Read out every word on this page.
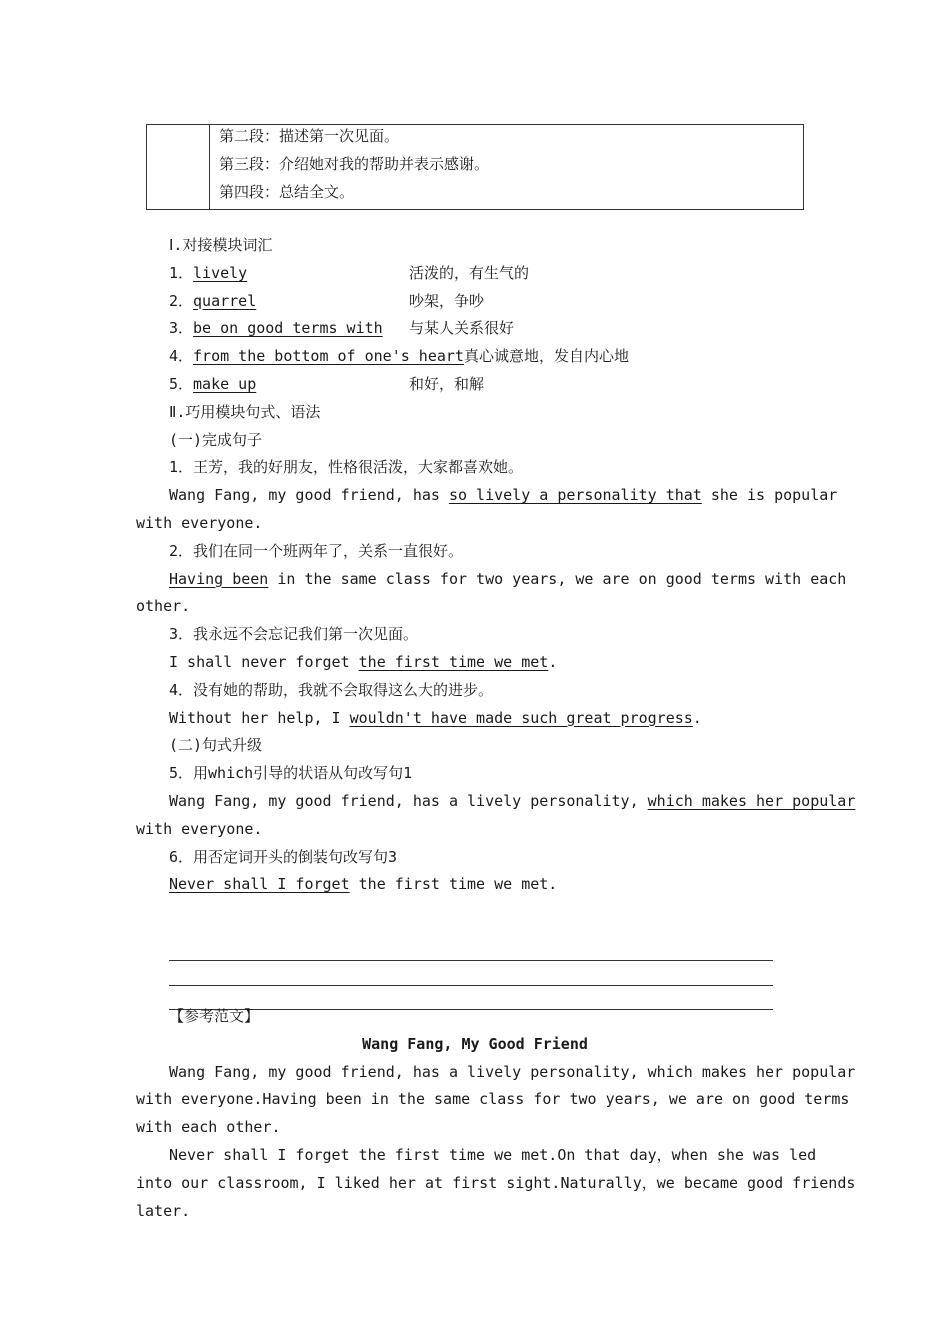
第二段：描述第一次见面。
第三段：介绍她对我的帮助并表示感谢。
第四段：总结全文。
Ⅰ.对接模块词汇
1．lively	活泼的，有生气的
2．quarrel	吵架，争吵
3．be on good terms with 与某人关系很好
4．from the bottom of one's heart真心诚意地，发自内心地
5．make up	和好，和解
Ⅱ.巧用模块句式、语法
(一)完成句子
1．王芳，我的好朋友，性格很活泼，大家都喜欢她。
Wang Fang, my good friend, has so lively a personality that she is popular
with everyone.
2．我们在同一个班两年了，关系一直很好。
Having been in the same class for two years, we are on good terms with each
other.
3．我永远不会忘记我们第一次见面。
I shall never forget the first time we met.
4．没有她的帮助，我就不会取得这么大的进步。
Without her help, I wouldn't have made such great progress.
(二)句式升级
5．用which引导的状语从句改写句1
Wang Fang, my good friend, has a lively personality, which makes her popular
with everyone.
6．用否定词开头的倒装句改写句3
Never shall I forget the first time we met.
【参考范文】
Wang Fang, My Good Friend
Wang Fang, my good friend, has a lively personality, which makes her popular
with everyone.Having been in the same class for two years, we are on good terms
with each other.
Never shall I forget the first time we met.On that day，when she was led
into our classroom, I liked her at first sight.Naturally，we became good friends
later.
